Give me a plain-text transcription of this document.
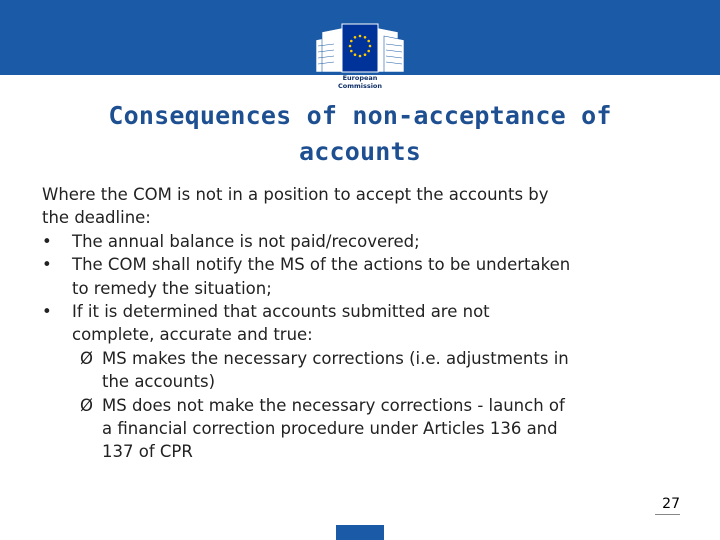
European
Commission
Consequences of non-acceptance of
accounts
Where the COM is not in a position to accept the accounts by
the deadline:
• The annual balance is not paid/recovered;
• The COM shall notify the MS of the actions to be undertaken
to remedy the situation;
• If it is determined that accounts submitted are not
complete, accurate and true:
Ø MS makes the necessary corrections (i.e. adjustments in
the accounts)
Ø MS does not make the necessary corrections - launch of
a financial correction procedure under Articles 136 and
137 of CPR
27
